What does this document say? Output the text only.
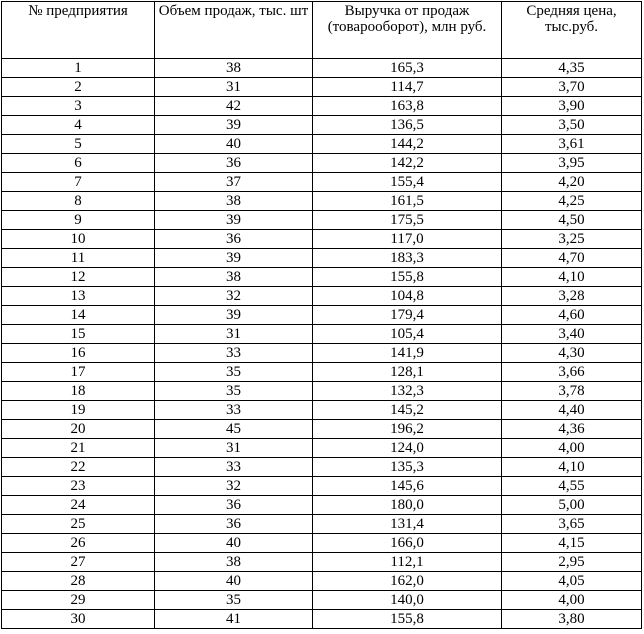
№ предприятия	Объем продаж, тыс. шт	Выручка от продаж (товарооборот), млн руб.	Средняя цена, тыс.руб.
1	38	165,3	4,35
2	31	114,7	3,70
3	42	163,8	3,90
4	39	136,5	3,50
5	40	144,2	3,61
6	36	142,2	3,95
7	37	155,4	4,20
8	38	161,5	4,25
9	39	175,5	4,50
10	36	117,0	3,25
11	39	183,3	4,70
12	38	155,8	4,10
13	32	104,8	3,28
14	39	179,4	4,60
15	31	105,4	3,40
16	33	141,9	4,30
17	35	128,1	3,66
18	35	132,3	3,78
19	33	145,2	4,40
20	45	196,2	4,36
21	31	124,0	4,00
22	33	135,3	4,10
23	32	145,6	4,55
24	36	180,0	5,00
25	36	131,4	3,65
26	40	166,0	4,15
27	38	112,1	2,95
28	40	162,0	4,05
29	35	140,0	4,00
30	41	155,8	3,80
